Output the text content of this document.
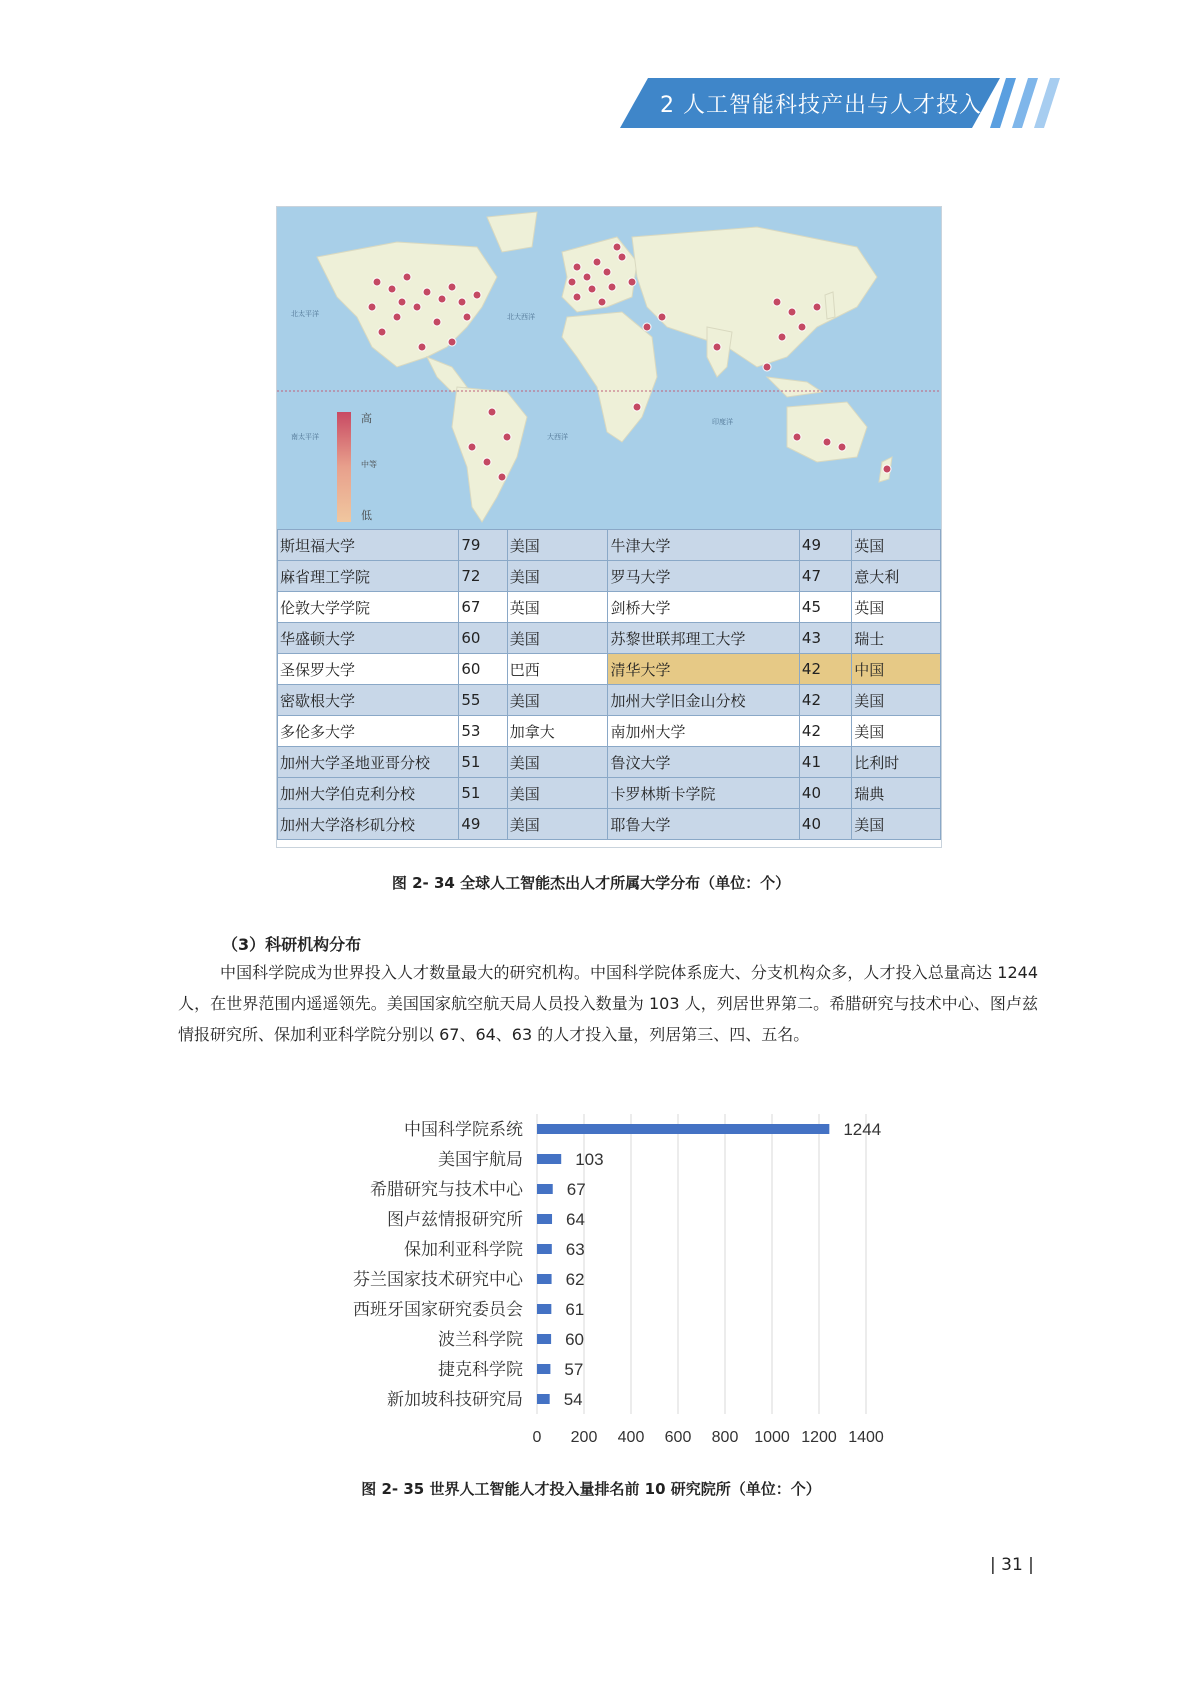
2 人工智能科技产出与人才投入
北太平洋	北大西洋
印度洋
大西洋
南太平洋
高
中等
低
斯坦福大学	79	美国	牛津大学	49	英国
麻省理工学院	72	美国	罗马大学	47	意大利
伦敦大学学院	67	英国	剑桥大学	45	英国
华盛顿大学	60	美国	苏黎世联邦理工大学	43	瑞士
圣保罗大学	60	巴西	清华大学	42	中国
密歇根大学	55	美国	加州大学旧金山分校	42	美国
多伦多大学	53	加拿大	南加州大学	42	美国
加州大学圣地亚哥分校	51	美国	鲁汶大学	41	比利时
加州大学伯克利分校	51	美国	卡罗林斯卡学院	40	瑞典
加州大学洛杉矶分校	49	美国	耶鲁大学	40	美国
图 2- 34 全球人工智能杰出人才所属大学分布（单位：个）
（3）科研机构分布
中国科学院成为世界投入人才数量最大的研究机构。中国科学院体系庞大、分支机构众多，人才投入总量高达 1244 人，在世界范围内遥遥领先。美国国家航空航天局人员投入数量为 103 人，列居世界第二。希腊研究与技术中心、图卢兹情报研究所、保加利亚科学院分别以 67、64、63 的人才投入量，列居第三、四、五名。
0 200 400 600 800 1000 1200 1400
中国科学院系统	1244
美国宇航局	103
希腊研究与技术中心	67
图卢兹情报研究所	64
保加利亚科学院	63
芬兰国家技术研究中心	62
西班牙国家研究委员会 61
波兰科学院 60
捷克科学院 57
新加坡科技研究局 54
图 2- 35 世界人工智能人才投入量排名前 10 研究院所（单位：个）
| 31 |
